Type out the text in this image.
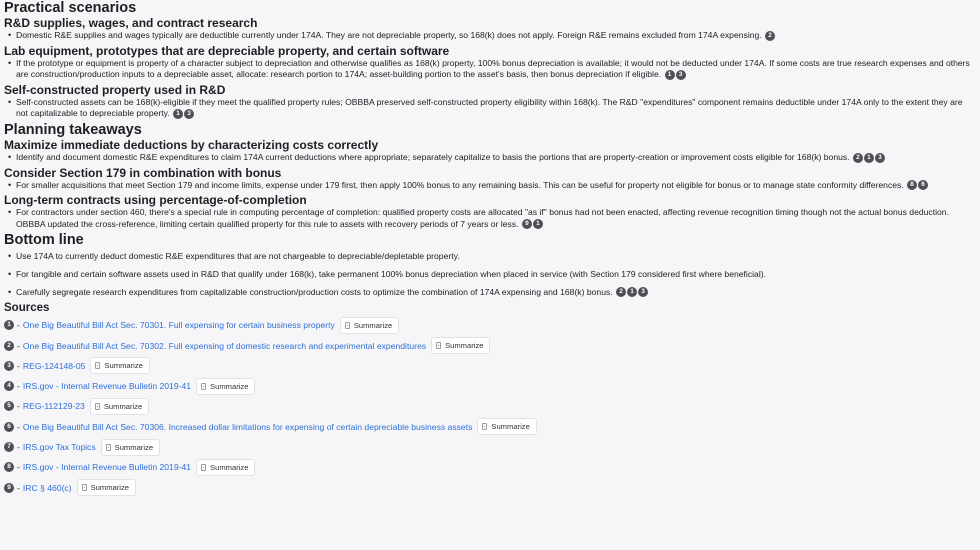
Practical scenarios
R&D supplies, wages, and contract research
• Domestic R&E supplies and wages typically are deductible currently under 174A. They are not depreciable property, so 168(k) does not apply. Foreign R&E remains excluded from 174A expensing. 2
Lab equipment, prototypes that are depreciable property, and certain software
• If the prototype or equipment is property of a character subject to depreciation and otherwise qualifies as 168(k) property, 100% bonus depreciation is available; it would not be deducted under 174A. If some costs are true research expenses and others are construction/production inputs to a depreciable asset, allocate: research portion to 174A; asset-building portion to the asset's basis, then bonus depreciation if eligible. 1 3
Self-constructed property used in R&D
• Self-constructed assets can be 168(k)-eligible if they meet the qualified property rules; OBBBA preserved self-constructed property eligibility within 168(k). The R&D "expenditures" component remains deductible under 174A only to the extent they are not capitalizable to depreciable property. 1 3
Planning takeaways
Maximize immediate deductions by characterizing costs correctly
• Identify and document domestic R&E expenditures to claim 174A current deductions where appropriate; separately capitalize to basis the portions that are property-creation or improvement costs eligible for 168(k) bonus. 2 1 3
Consider Section 179 in combination with bonus
• For smaller acquisitions that meet Section 179 and income limits, expense under 179 first, then apply 100% bonus to any remaining basis. This can be useful for property not eligible for bonus or to manage state conformity differences. 8 6
Long-term contracts using percentage-of-completion
• For contractors under section 460, there's a special rule in computing percentage of completion: qualified property costs are allocated "as if" bonus had not been enacted, affecting revenue recognition timing though not the actual bonus deduction. OBBBA updated the cross-reference, limiting certain qualified property for this rule to assets with recovery periods of 7 years or less. 9 1
Bottom line
• Use 174A to currently deduct domestic R&E expenditures that are not chargeable to depreciable/depletable property.
• For tangible and certain software assets used in R&D that qualify under 168(k), take permanent 100% bonus depreciation when placed in service (with Section 179 considered first where beneficial).
• Carefully segregate research expenditures from capitalizable construction/production costs to optimize the combination of 174A expensing and 168(k) bonus. 2 1 3
Sources
1 - One Big Beautiful Bill Act Sec. 70301. Full expensing for certain business property	Summarize
2 - One Big Beautiful Bill Act Sec. 70302. Full expensing of domestic research and experimental expenditures	Summarize
3 - REG-124148-05	Summarize
4 - IRS.gov - Internal Revenue Bulletin 2019-41	Summarize
5 - REG-112129-23	Summarize
6 - One Big Beautiful Bill Act Sec. 70306. Increased dollar limitations for expensing of certain depreciable business assets	Summarize
7 - IRS.gov Tax Topics	Summarize
8 - IRS.gov - Internal Revenue Bulletin 2019-41	Summarize
9 - IRC § 460(c)	Summarize
